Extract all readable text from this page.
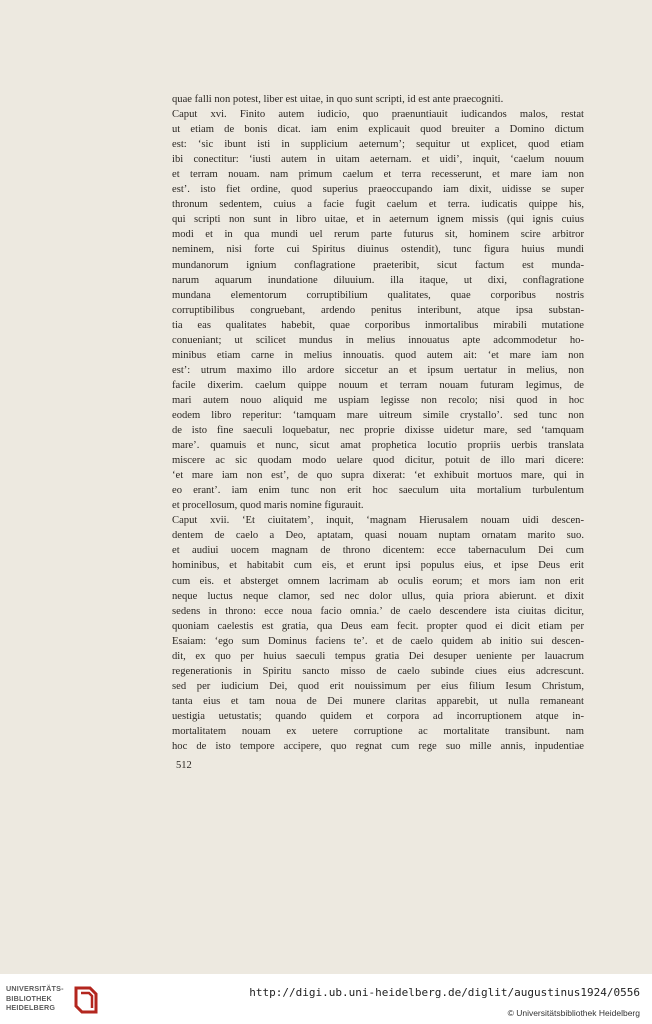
quae falli non potest, liber est uitae, in quo sunt scripti, id est ante praecogniti.
Caput xvi. Finito autem iudicio, quo praenuntiauit iudicandos malos, restat
ut etiam de bonis dicat. iam enim explicauit quod breuiter a Domino dictum
est: ‘sic ibunt isti in supplicium aeternum’; sequitur ut explicet, quod etiam
ibi conectitur: ‘iusti autem in uitam aeternam. et uidi’, inquit, ‘caelum nouum
et terram nouam. nam primum caelum et terra recesserunt, et mare iam non
est’. isto fiet ordine, quod superius praeoccupando iam dixit, uidisse se super
thronum sedentem, cuius a facie fugit caelum et terra. iudicatis quippe his,
qui scripti non sunt in libro uitae, et in aeternum ignem missis (qui ignis cuius
modi et in qua mundi uel rerum parte futurus sit, hominem scire arbitror
neminem, nisi forte cui Spiritus diuinus ostendit), tunc figura huius mundi
mundanorum ignium conflagratione praeteribit, sicut factum est munda-
narum aquarum inundatione diluuium. illa itaque, ut dixi, conflagratione
mundana elementorum corruptibilium qualitates, quae corporibus nostris
corruptibilibus congruebant, ardendo penitus interibunt, atque ipsa substan-
tia eas qualitates habebit, quae corporibus inmortalibus mirabili mutatione
conueniant; ut scilicet mundus in melius innouatus apte adcommodetur ho-
minibus etiam carne in melius innouatis. quod autem ait: ‘et mare iam non
est’: utrum maximo illo ardore siccetur an et ipsum uertatur in melius, non
facile dixerim. caelum quippe nouum et terram nouam futuram legimus, de
mari autem nouo aliquid me uspiam legisse non recolo; nisi quod in hoc
eodem libro reperitur: ‘tamquam mare uitreum simile crystallo’. sed tunc non
de isto fine saeculi loquebatur, nec proprie dixisse uidetur mare, sed ‘tamquam
mare’. quamuis et nunc, sicut amat prophetica locutio propriis uerbis translata
miscere ac sic quodam modo uelare quod dicitur, potuit de illo mari dicere:
‘et mare iam non est’, de quo supra dixerat: ‘et exhibuit mortuos mare, qui in
eo erant’. iam enim tunc non erit hoc saeculum uita mortalium turbulentum
et procellosum, quod maris nomine figurauit.
Caput xvii. ‘Et ciuitatem’, inquit, ‘magnam Hierusalem nouam uidi descen-
dentem de caelo a Deo, aptatam, quasi nouam nuptam ornatam marito suo.
et audiui uocem magnam de throno dicentem: ecce tabernaculum Dei cum
hominibus, et habitabit cum eis, et erunt ipsi populus eius, et ipse Deus erit
cum eis. et absterget omnem lacrimam ab oculis eorum; et mors iam non erit
neque luctus neque clamor, sed nec dolor ullus, quia priora abierunt. et dixit
sedens in throno: ecce noua facio omnia.’ de caelo descendere ista ciuitas dicitur,
quoniam caelestis est gratia, qua Deus eam fecit. propter quod ei dicit etiam per
Esaiam: ‘ego sum Dominus faciens te’. et de caelo quidem ab initio sui descen-
dit, ex quo per huius saeculi tempus gratia Dei desuper ueniente per lauacrum
regenerationis in Spiritu sancto misso de caelo subinde ciues eius adcrescunt.
sed per iudicium Dei, quod erit nouissimum per eius filium Iesum Christum,
tanta eius et tam noua de Dei munere claritas apparebit, ut nulla remaneant
uestigia uetustatis; quando quidem et corpora ad incorruptionem atque in-
mortalitatem nouam ex uetere corruptione ac mortalitate transibunt. nam
hoc de isto tempore accipere, quo regnat cum rege suo mille annis, inpudentiae
512
UNIVERSITÄTS-
BIBLIOTHEK
HEIDELBERG
http://digi.ub.uni-heidelberg.de/diglit/augustinus1924/0556
© Universitätsbibliothek Heidelberg
